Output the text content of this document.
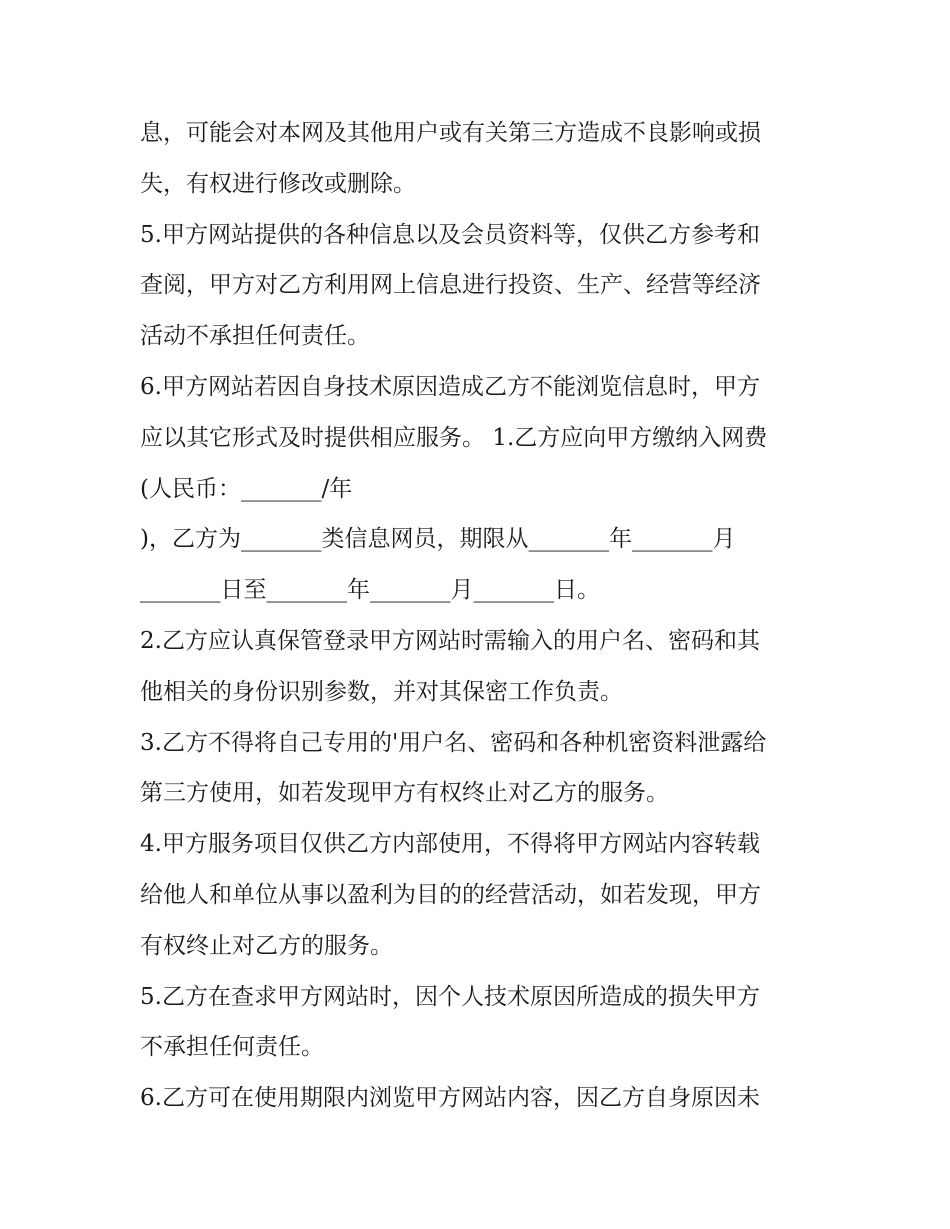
息，可能会对本网及其他用户或有关第三方造成不良影响或损
失，有权进行修改或删除。
5.甲方网站提供的各种信息以及会员资料等，仅供乙方参考和
查阅，甲方对乙方利用网上信息进行投资、生产、经营等经济
活动不承担任何责任。
6.甲方网站若因自身技术原因造成乙方不能浏览信息时，甲方
应以其它形式及时提供相应服务。 1.乙方应向甲方缴纳入网费
(人民币：_______/年
)，乙方为_______类信息网员，期限从_______年_______月
_______日至_______年_______月_______日。
2.乙方应认真保管登录甲方网站时需输入的用户名、密码和其
他相关的身份识别参数，并对其保密工作负责。
3.乙方不得将自己专用的'用户名、密码和各种机密资料泄露给
第三方使用，如若发现甲方有权终止对乙方的服务。
4.甲方服务项目仅供乙方内部使用，不得将甲方网站内容转载
给他人和单位从事以盈利为目的的经营活动，如若发现，甲方
有权终止对乙方的服务。
5.乙方在查求甲方网站时，因个人技术原因所造成的损失甲方
不承担任何责任。
6.乙方可在使用期限内浏览甲方网站内容，因乙方自身原因未
